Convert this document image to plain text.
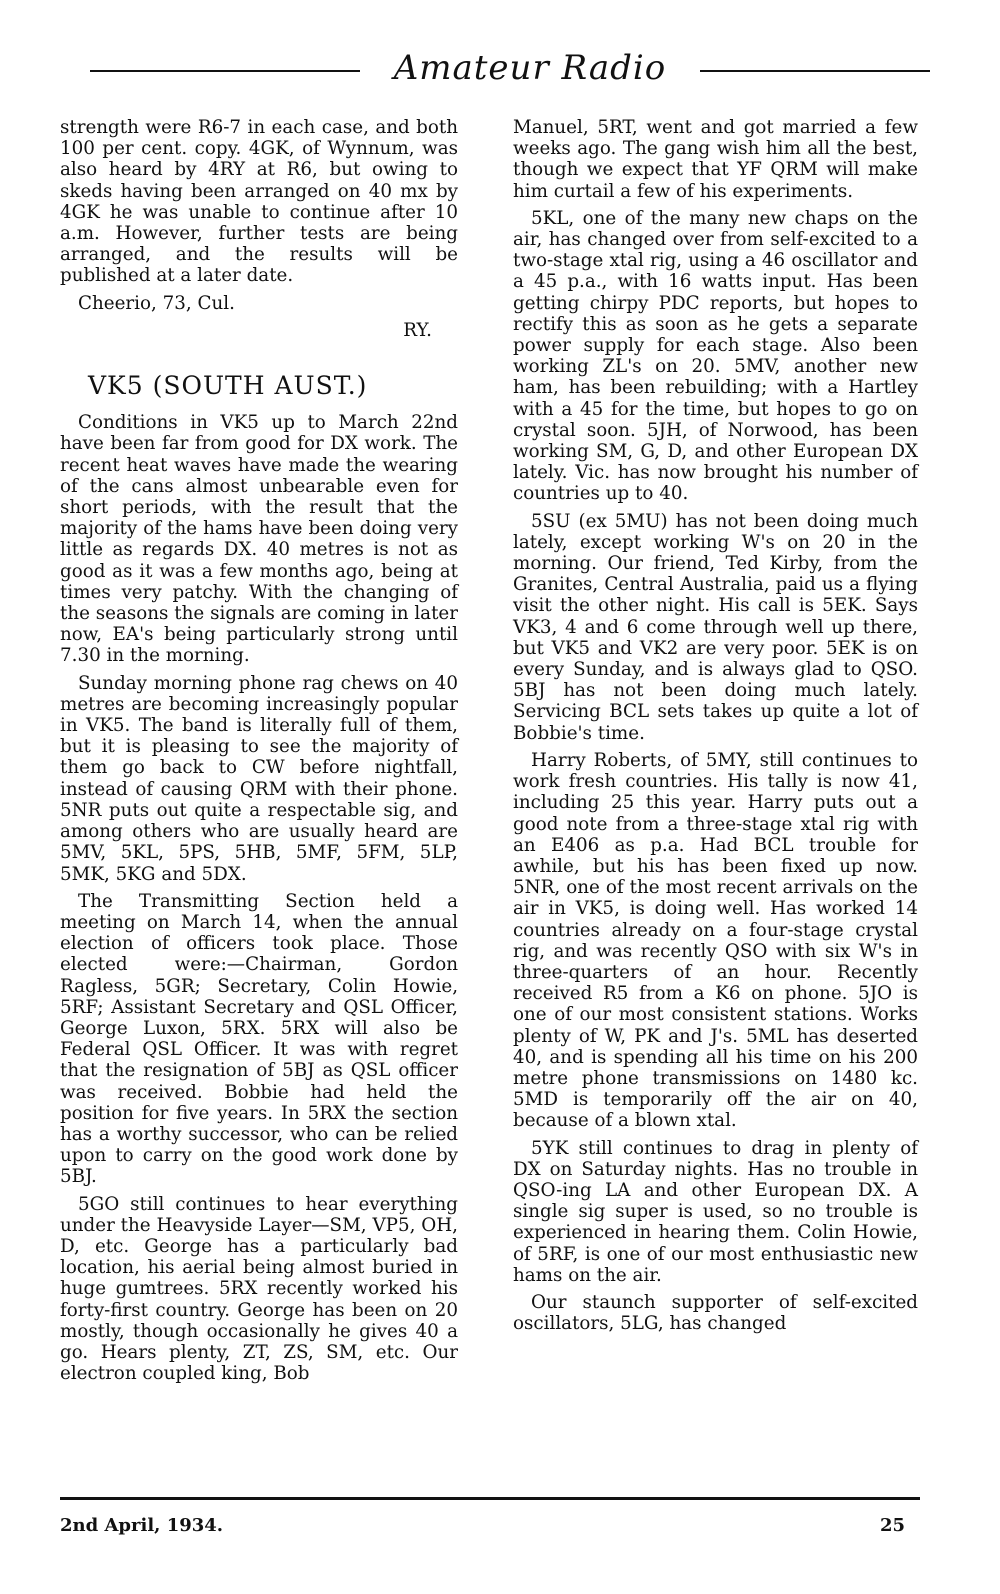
Amateur Radio

strength were R6-7 in each case, and both 100 per cent. copy. 4GK, of Wynnum, was also heard by 4RY at R6, but owing to skeds having been arranged on 40 mx by 4GK he was unable to continue after 10 a.m. However, further tests are being arranged, and the results will be published at a later date.

Cheerio, 73, Cul.

RY.

VK5 (SOUTH AUST.)

Conditions in VK5 up to March 22nd have been far from good for DX work. The recent heat waves have made the wearing of the cans almost unbearable even for short periods, with the result that the majority of the hams have been doing very little as regards DX. 40 metres is not as good as it was a few months ago, being at times very patchy. With the changing of the seasons the signals are coming in later now, EA's being particularly strong until 7.30 in the morning.

Sunday morning phone rag chews on 40 metres are becoming increasingly popular in VK5. The band is literally full of them, but it is pleasing to see the majority of them go back to CW before nightfall, instead of causing QRM with their phone. 5NR puts out quite a respectable sig, and among others who are usually heard are 5MV, 5KL, 5PS, 5HB, 5MF, 5FM, 5LP, 5MK, 5KG and 5DX.

The Transmitting Section held a meeting on March 14, when the annual election of officers took place. Those elected were:—Chairman, Gordon Ragless, 5GR; Secretary, Colin Howie, 5RF; Assistant Secretary and QSL Officer, George Luxon, 5RX. 5RX will also be Federal QSL Officer. It was with regret that the resignation of 5BJ as QSL officer was received. Bobbie had held the position for five years. In 5RX the section has a worthy successor, who can be relied upon to carry on the good work done by 5BJ.

5GO still continues to hear everything under the Heavyside Layer—SM, VP5, OH, D, etc. George has a particularly bad location, his aerial being almost buried in huge gumtrees. 5RX recently worked his forty-first country. George has been on 20 mostly, though occasionally he gives 40 a go. Hears plenty, ZT, ZS, SM, etc. Our electron coupled king, Bob

Manuel, 5RT, went and got married a few weeks ago. The gang wish him all the best, though we expect that YF QRM will make him curtail a few of his experiments.

5KL, one of the many new chaps on the air, has changed over from self-excited to a two-stage xtal rig, using a 46 oscillator and a 45 p.a., with 16 watts input. Has been getting chirpy PDC reports, but hopes to rectify this as soon as he gets a separate power supply for each stage. Also been working ZL's on 20. 5MV, another new ham, has been rebuilding; with a Hartley with a 45 for the time, but hopes to go on crystal soon. 5JH, of Norwood, has been working SM, G, D, and other European DX lately. Vic. has now brought his number of countries up to 40.

5SU (ex 5MU) has not been doing much lately, except working W's on 20 in the morning. Our friend, Ted Kirby, from the Granites, Central Australia, paid us a flying visit the other night. His call is 5EK. Says VK3, 4 and 6 come through well up there, but VK5 and VK2 are very poor. 5EK is on every Sunday, and is always glad to QSO. 5BJ has not been doing much lately. Servicing BCL sets takes up quite a lot of Bobbie's time.

Harry Roberts, of 5MY, still continues to work fresh countries. His tally is now 41, including 25 this year. Harry puts out a good note from a three-stage xtal rig with an E406 as p.a. Had BCL trouble for awhile, but his has been fixed up now. 5NR, one of the most recent arrivals on the air in VK5, is doing well. Has worked 14 countries already on a four-stage crystal rig, and was recently QSO with six W's in three-quarters of an hour. Recently received R5 from a K6 on phone. 5JO is one of our most consistent stations. Works plenty of W, PK and J's. 5ML has deserted 40, and is spending all his time on his 200 metre phone transmissions on 1480 kc. 5MD is temporarily off the air on 40, because of a blown xtal.

5YK still continues to drag in plenty of DX on Saturday nights. Has no trouble in QSO-ing LA and other European DX. A single sig super is used, so no trouble is experienced in hearing them. Colin Howie, of 5RF, is one of our most enthusiastic new hams on the air.

Our staunch supporter of self-excited oscillators, 5LG, has changed

2nd April, 1934.	25
